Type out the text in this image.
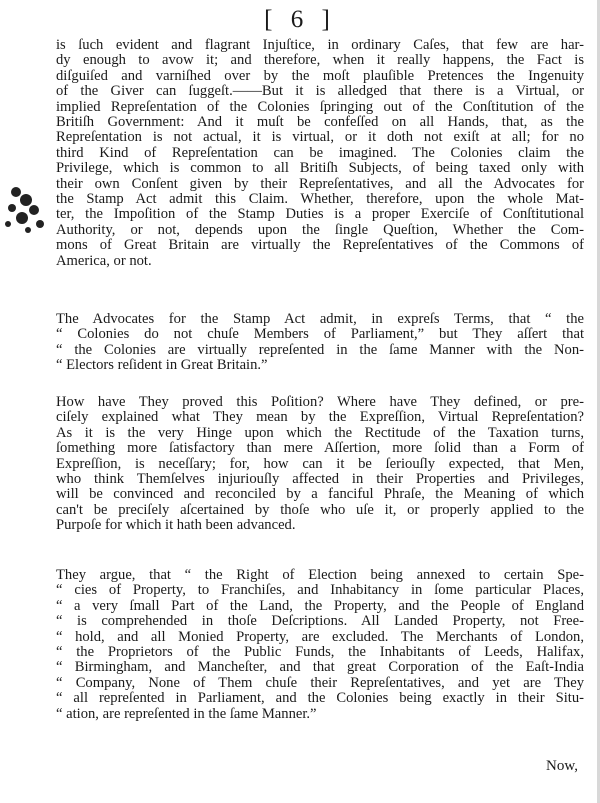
[ 6 ]
is ſuch evident and flagrant Injuſtice, in ordinary Caſes, that few are har-
dy enough to avow it; and therefore, when it really happens, the Fact is
diſguiſed and varniſhed over by the moſt plauſible Pretences the Ingenuity
of the Giver can ſuggeſt.——But it is alledged that there is a Virtual, or
implied Repreſentation of the Colonies ſpringing out of the Conſtitution of the
Britiſh Government: And it muſt be confeſſed on all Hands, that, as the
Repreſentation is not actual, it is virtual, or it doth not exiſt at all; for no
third Kind of Repreſentation can be imagined. The Colonies claim the
Privilege, which is common to all Britiſh Subjects, of being taxed only with
their own Conſent given by their Repreſentatives, and all the Advocates for
the Stamp Act admit this Claim. Whether, therefore, upon the whole Mat-
ter, the Impoſition of the Stamp Duties is a proper Exerciſe of Conſtitutional
Authority, or not, depends upon the ſingle Queſtion, Whether the Com-
mons of Great Britain are virtually the Repreſentatives of the Commons of
America, or not.
The Advocates for the Stamp Act admit, in expreſs Terms, that “ the
“ Colonies do not chuſe Members of Parliament,” but They aſſert that
“ the Colonies are virtually repreſented in the ſame Manner with the Non-
“ Electors reſident in Great Britain.”
How have They proved this Poſition? Where have They defined, or pre-
ciſely explained what They mean by the Expreſſion, Virtual Repreſentation?
As it is the very Hinge upon which the Rectitude of the Taxation turns,
ſomething more ſatisfactory than mere Aſſertion, more ſolid than a Form of
Expreſſion, is neceſſary; for, how can it be ſeriouſly expected, that Men,
who think Themſelves injuriouſly affected in their Properties and Privileges,
will be convinced and reconciled by a fanciful Phraſe, the Meaning of which
can't be preciſely aſcertained by thoſe who uſe it, or properly applied to the
Purpoſe for which it hath been advanced.
They argue, that “ the Right of Election being annexed to certain Spe-
“ cies of Property, to Franchiſes, and Inhabitancy in ſome particular Places,
“ a very ſmall Part of the Land, the Property, and the People of England
“ is comprehended in thoſe Deſcriptions. All Landed Property, not Free-
“ hold, and all Monied Property, are excluded. The Merchants of London,
“ the Proprietors of the Public Funds, the Inhabitants of Leeds, Halifax,
“ Birmingham, and Mancheſter, and that great Corporation of the Eaſt-India
“ Company, None of Them chuſe their Repreſentatives, and yet are They
“ all repreſented in Parliament, and the Colonies being exactly in their Situ-
“ ation, are repreſented in the ſame Manner.”
Now,
